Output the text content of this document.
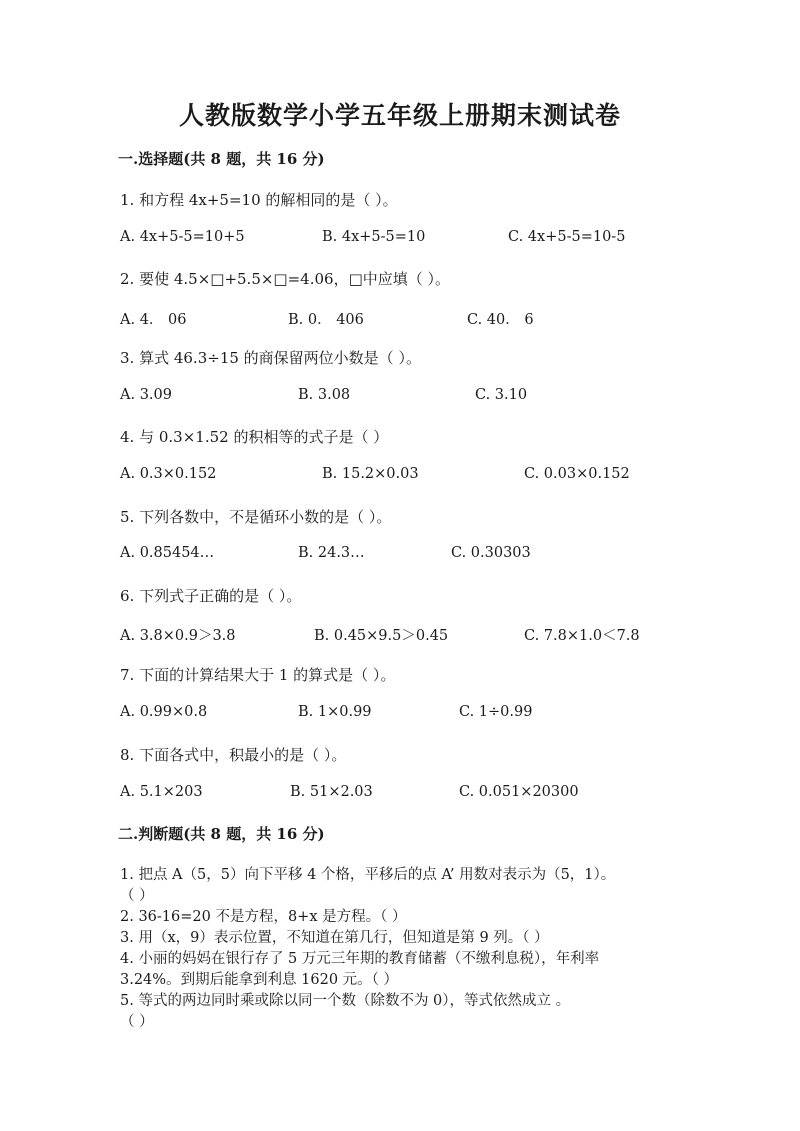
人教版数学小学五年级上册期末测试卷
一.选择题(共 8 题，共 16 分)
1. 和方程 4x+5=10 的解相同的是（ ）。
A. 4x+5-5=10+5	B. 4x+5-5=10	C. 4x+5-5=10-5
2. 要使 4.5×□+5.5×□=4.06，□中应填（ ）。
A. 4． 06	B. 0． 406	C. 40． 6
3. 算式 46.3÷15 的商保留两位小数是（ ）。
A. 3.09	B. 3.08	C. 3.10
4. 与 0.3×1.52 的积相等的式子是（ ）
A. 0.3×0.152	B. 15.2×0.03	C. 0.03×0.152
5. 下列各数中，不是循环小数的是（ ）。
A. 0.85454…	B. 24.3…	C. 0.30303
6. 下列式子正确的是（ ）。
A. 3.8×0.9＞3.8	B. 0.45×9.5＞0.45	C. 7.8×1.0＜7.8
7. 下面的计算结果大于 1 的算式是（ ）。
A. 0.99×0.8	B. 1×0.99	C. 1÷0.99
8. 下面各式中，积最小的是（ ）。
A. 5.1×203	B. 51×2.03	C. 0.051×20300
二.判断题(共 8 题，共 16 分)
1. 把点 A（5，5）向下平移 4 个格，平移后的点 A’ 用数对表示为（5，1）。
（ ）
2. 36-16=20 不是方程，8+x 是方程。（ ）
3. 用（x，9）表示位置，不知道在第几行，但知道是第 9 列。（ ）
4. 小丽的妈妈在银行存了 5 万元三年期的教育储蓄（不缴利息税），年利率
3.24%。到期后能拿到利息 1620 元。（ ）
5. 等式的两边同时乘或除以同一个数（除数不为 0），等式依然成立 。
（ ）
